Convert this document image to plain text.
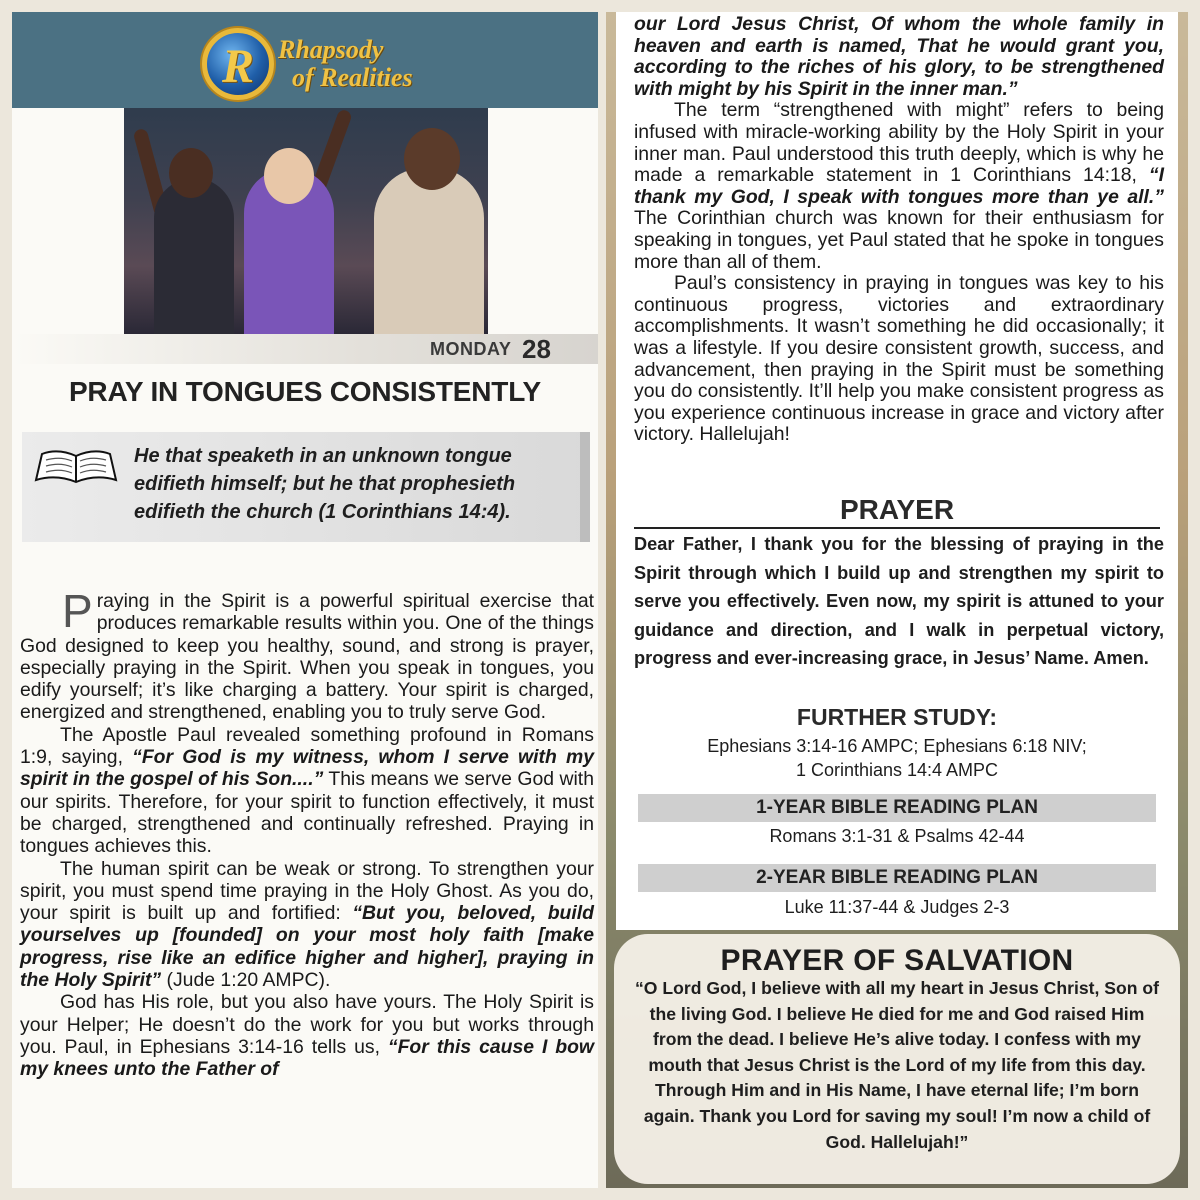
R Rhapsody
of Realities
MONDAY 28
PRAY IN TONGUES CONSISTENTLY
He that speaketh in an unknown tongue edifieth himself; but he that prophesieth edifieth the church (1 Corinthians 14:4).

Praying in the Spirit is a powerful spiritual exercise that produces remarkable results within you. One of the things God designed to keep you healthy, sound, and strong is prayer, especially praying in the Spirit. When you speak in tongues, you edify yourself; it’s like charging a battery. Your spirit is charged, energized and strengthened, enabling you to truly serve God.

The Apostle Paul revealed something profound in Romans 1:9, saying, “For God is my witness, whom I serve with my spirit in the gospel of his Son....” This means we serve God with our spirits. Therefore, for your spirit to function effectively, it must be charged, strengthened and continually refreshed. Praying in tongues achieves this.

The human spirit can be weak or strong. To strengthen your spirit, you must spend time praying in the Holy Ghost. As you do, your spirit is built up and fortified: “But you, beloved, build yourselves up [founded] on your most holy faith [make progress, rise like an edifice higher and higher], praying in the Holy Spirit” (Jude 1:20 AMPC).

God has His role, but you also have yours. The Holy Spirit is your Helper; He doesn’t do the work for you but works through you. Paul, in Ephesians 3:14-16 tells us, “For this cause I bow my knees unto the Father of

our Lord Jesus Christ, Of whom the whole family in heaven and earth is named, That he would grant you, according to the riches of his glory, to be strengthened with might by his Spirit in the inner man.”

The term “strengthened with might” refers to being infused with miracle-working ability by the Holy Spirit in your inner man. Paul understood this truth deeply, which is why he made a remarkable statement in 1 Corinthians 14:18, “I thank my God, I speak with tongues more than ye all.” The Corinthian church was known for their enthusiasm for speaking in tongues, yet Paul stated that he spoke in tongues more than all of them.

Paul’s consistency in praying in tongues was key to his continuous progress, victories and extraordinary accomplishments. It wasn’t something he did occasionally; it was a lifestyle. If you desire consistent growth, success, and advancement, then praying in the Spirit must be something you do consistently. It’ll help you make consistent progress as you experience continuous increase in grace and victory after victory. Hallelujah!

PRAYER
Dear Father, I thank you for the blessing of praying in the Spirit through which I build up and strengthen my spirit to serve you effectively. Even now, my spirit is attuned to your guidance and direction, and I walk in perpetual victory, progress and ever-increasing grace, in Jesus’ Name. Amen.
FURTHER STUDY:
Ephesians 3:14-16 AMPC; Ephesians 6:18 NIV;
1 Corinthians 14:4 AMPC
1-YEAR BIBLE READING PLAN
Romans 3:1-31 & Psalms 42-44
2-YEAR BIBLE READING PLAN
Luke 11:37-44 & Judges 2-3
PRAYER OF SALVATION
“O Lord God, I believe with all my heart in Jesus Christ, Son of the living God. I believe He died for me and God raised Him from the dead. I believe He’s alive today. I confess with my mouth that Jesus Christ is the Lord of my life from this day. Through Him and in His Name, I have eternal life; I’m born again. Thank you Lord for saving my soul! I’m now a child of God. Hallelujah!”
